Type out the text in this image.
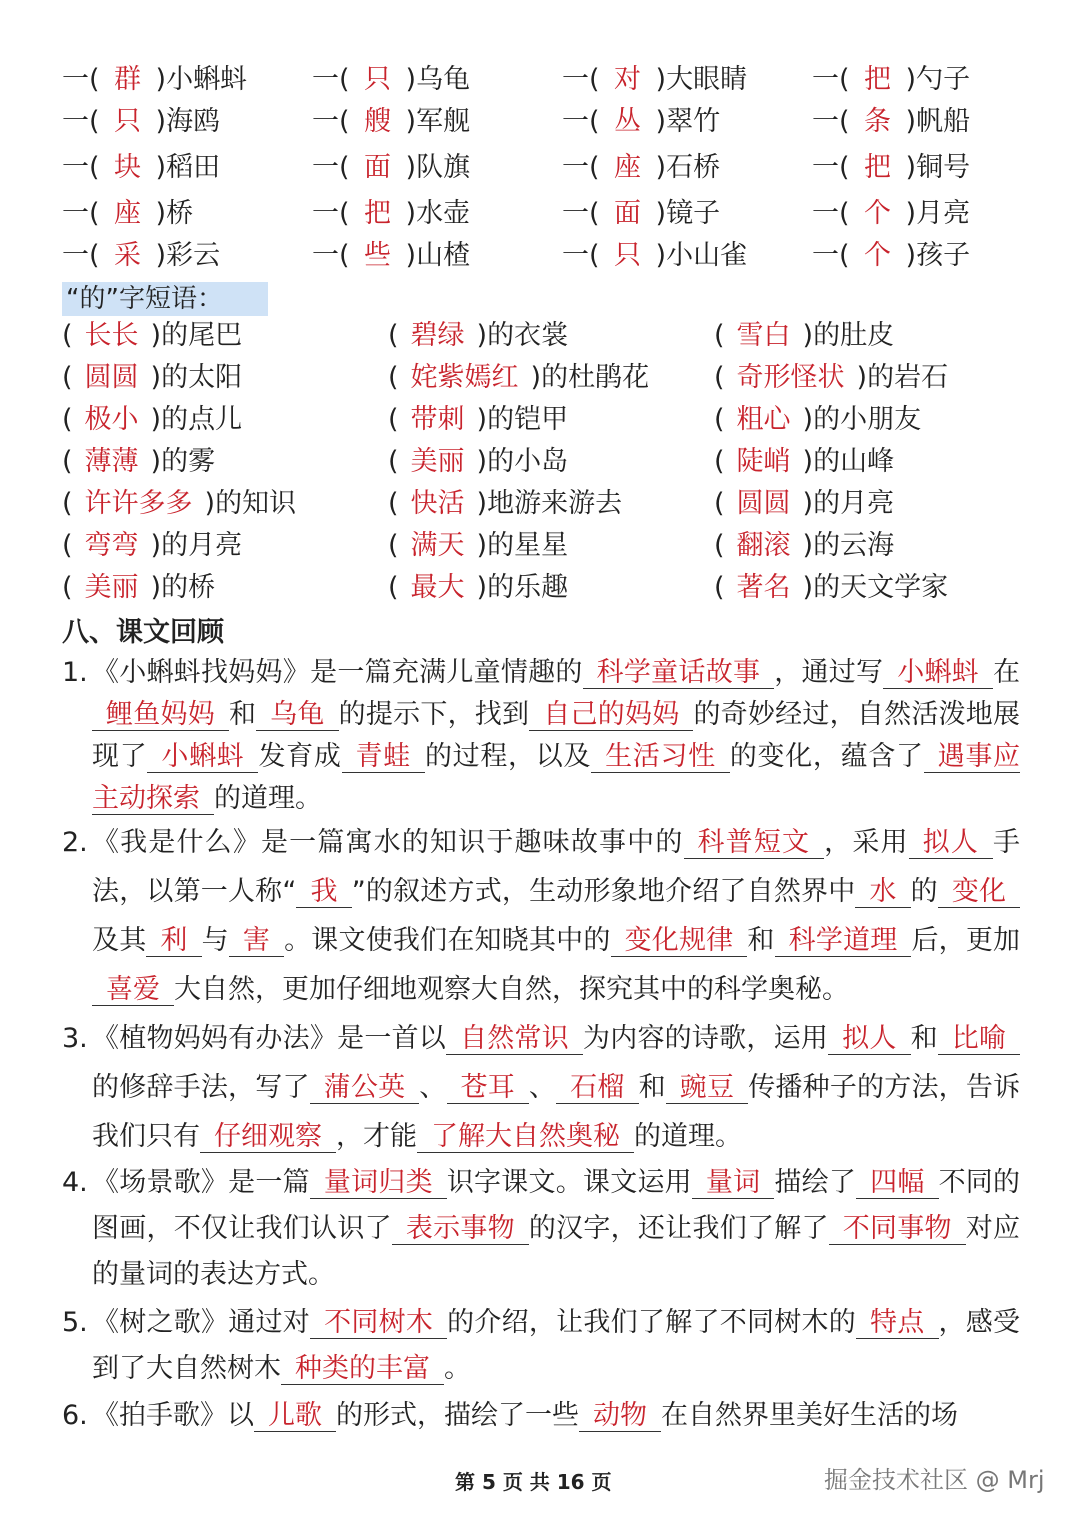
一( 群 )小蝌蚪 一( 只 )乌龟	一( 对 )大眼睛 一( 把 )勺子
一( 只 )海鸥	一( 艘 )军舰	一( 丛 )翠竹	一( 条 )帆船
一( 块 )稻田	一( 面 )队旗	一( 座 )石桥	一( 把 )铜号
一( 座 )桥	一( 把 )水壶	一( 面 )镜子	一( 个 )月亮
一( 采 )彩云	一( 些 )山楂	一( 只 )小山雀 一( 个 )孩子
“的”字短语：
( 长长 )的尾巴	( 碧绿 )的衣裳	( 雪白 )的肚皮
( 圆圆 )的太阳	( 姹紫嫣红 )的杜鹃花 ( 奇形怪状 )的岩石
( 极小 )的点儿	( 带刺 )的铠甲	( 粗心 )的小朋友
( 薄薄 )的雾	( 美丽 )的小岛	( 陡峭 )的山峰
( 许许多多 )的知识	( 快活 )地游来游去	( 圆圆 )的月亮
( 弯弯 )的月亮	( 满天 )的星星	( 翻滚 )的云海
( 美丽 )的桥	( 最大 )的乐趣	( 著名 )的天文学家
八、课文回顾
1. 《小蝌蚪找妈妈》是一篇充满儿童情趣的 科学童话故事 ，通过写 小蝌蚪 在鲤鱼妈妈 和 乌龟 的提示下，找到 自己的妈妈 的奇妙经过，自然活泼地展现了 小蝌蚪 发育成 青蛙 的过程，以及 生活习性 的变化，蕴含了 遇事应主动探索 的道理。
2. 《我是什么》是一篇寓水的知识于趣味故事中的 科普短文 ，采用 拟人 手法，以第一人称“ 我 ”的叙述方式，生动形象地介绍了自然界中 水 的 变化及其 利 与 害 。课文使我们在知晓其中的 变化规律 和 科学道理 后，更加喜爱 大自然，更加仔细地观察大自然，探究其中的科学奥秘。
3. 《植物妈妈有办法》是一首以 自然常识 为内容的诗歌，运用 拟人 和 比喻的修辞手法，写了 蒲公英 、 苍耳 、 石榴 和 豌豆 传播种子的方法，告诉我们只有 仔细观察 ，才能 了解大自然奥秘 的道理。
4. 《场景歌》是一篇 量词归类 识字课文。课文运用 量词 描绘了 四幅 不同的图画，不仅让我们认识了 表示事物 的汉字，还让我们了解了 不同事物 对应的量词的表达方式。
5. 《树之歌》通过对 不同树木 的介绍，让我们了解了不同树木的 特点 ，感受到了大自然树木 种类的丰富 。
6. 《拍手歌》以 儿歌 的形式，描绘了一些 动物 在自然界里美好生活的场
第 5 页 共 16 页	掘金技术社区 @ Mrj
